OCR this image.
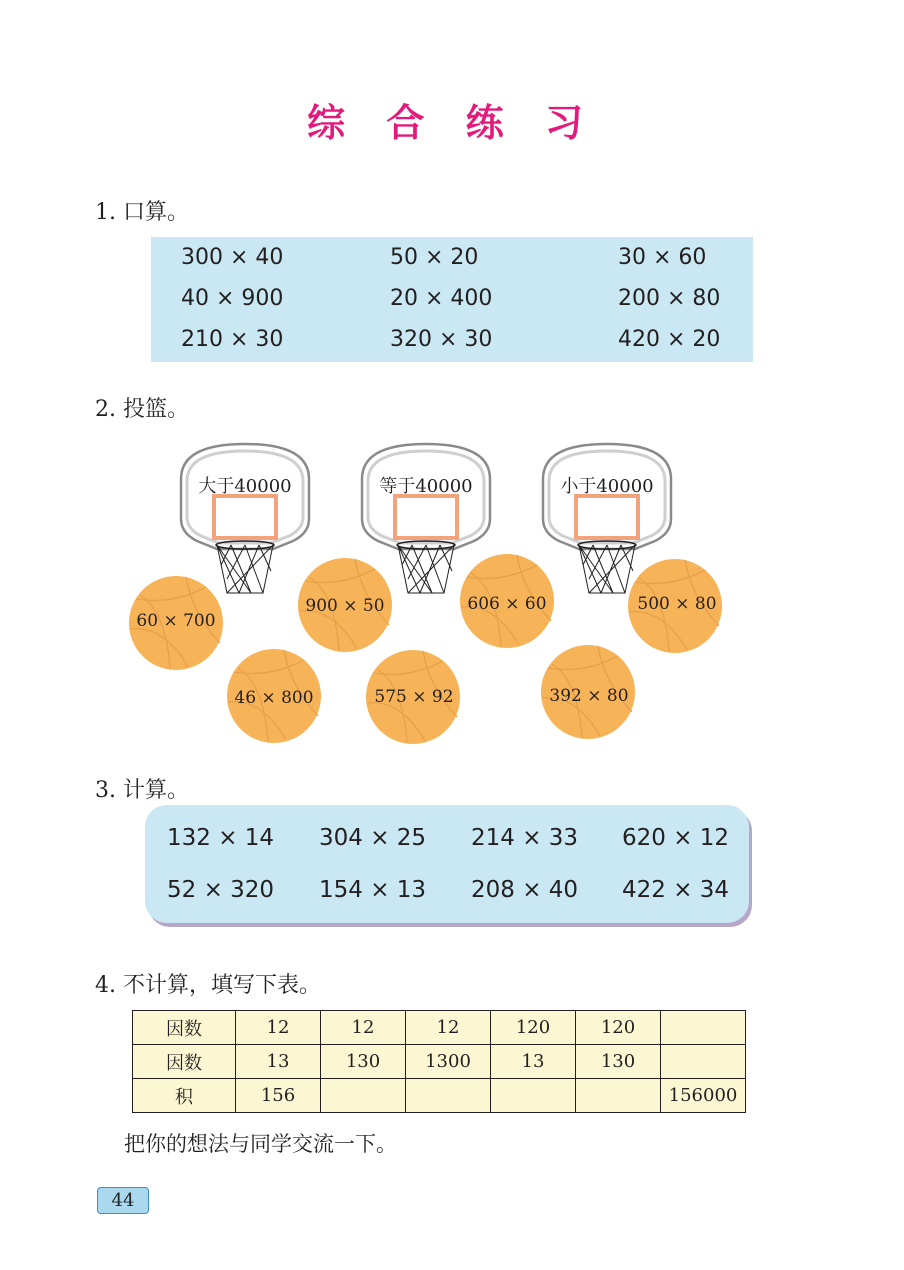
综 合 练 习
1. 口算。
300 × 40	50 × 20	30 × 60
40 × 900	20 × 400	200 × 80
210 × 30	320 × 30	420 × 20
2. 投篮。
大于40000	等于40000	小于40000
60 × 700
900 × 50	606 × 60	500 × 80
46 × 800	575 × 92	392 × 80
3. 计算。
132 × 14 304 × 25 214 × 33 620 × 12
52 × 320 154 × 13 208 × 40 422 × 34
4. 不计算，填写下表。
因数	12	12	12	120	120	
因数	13	130	1300	13	130	
积	156					156000
把你的想法与同学交流一下。
44
